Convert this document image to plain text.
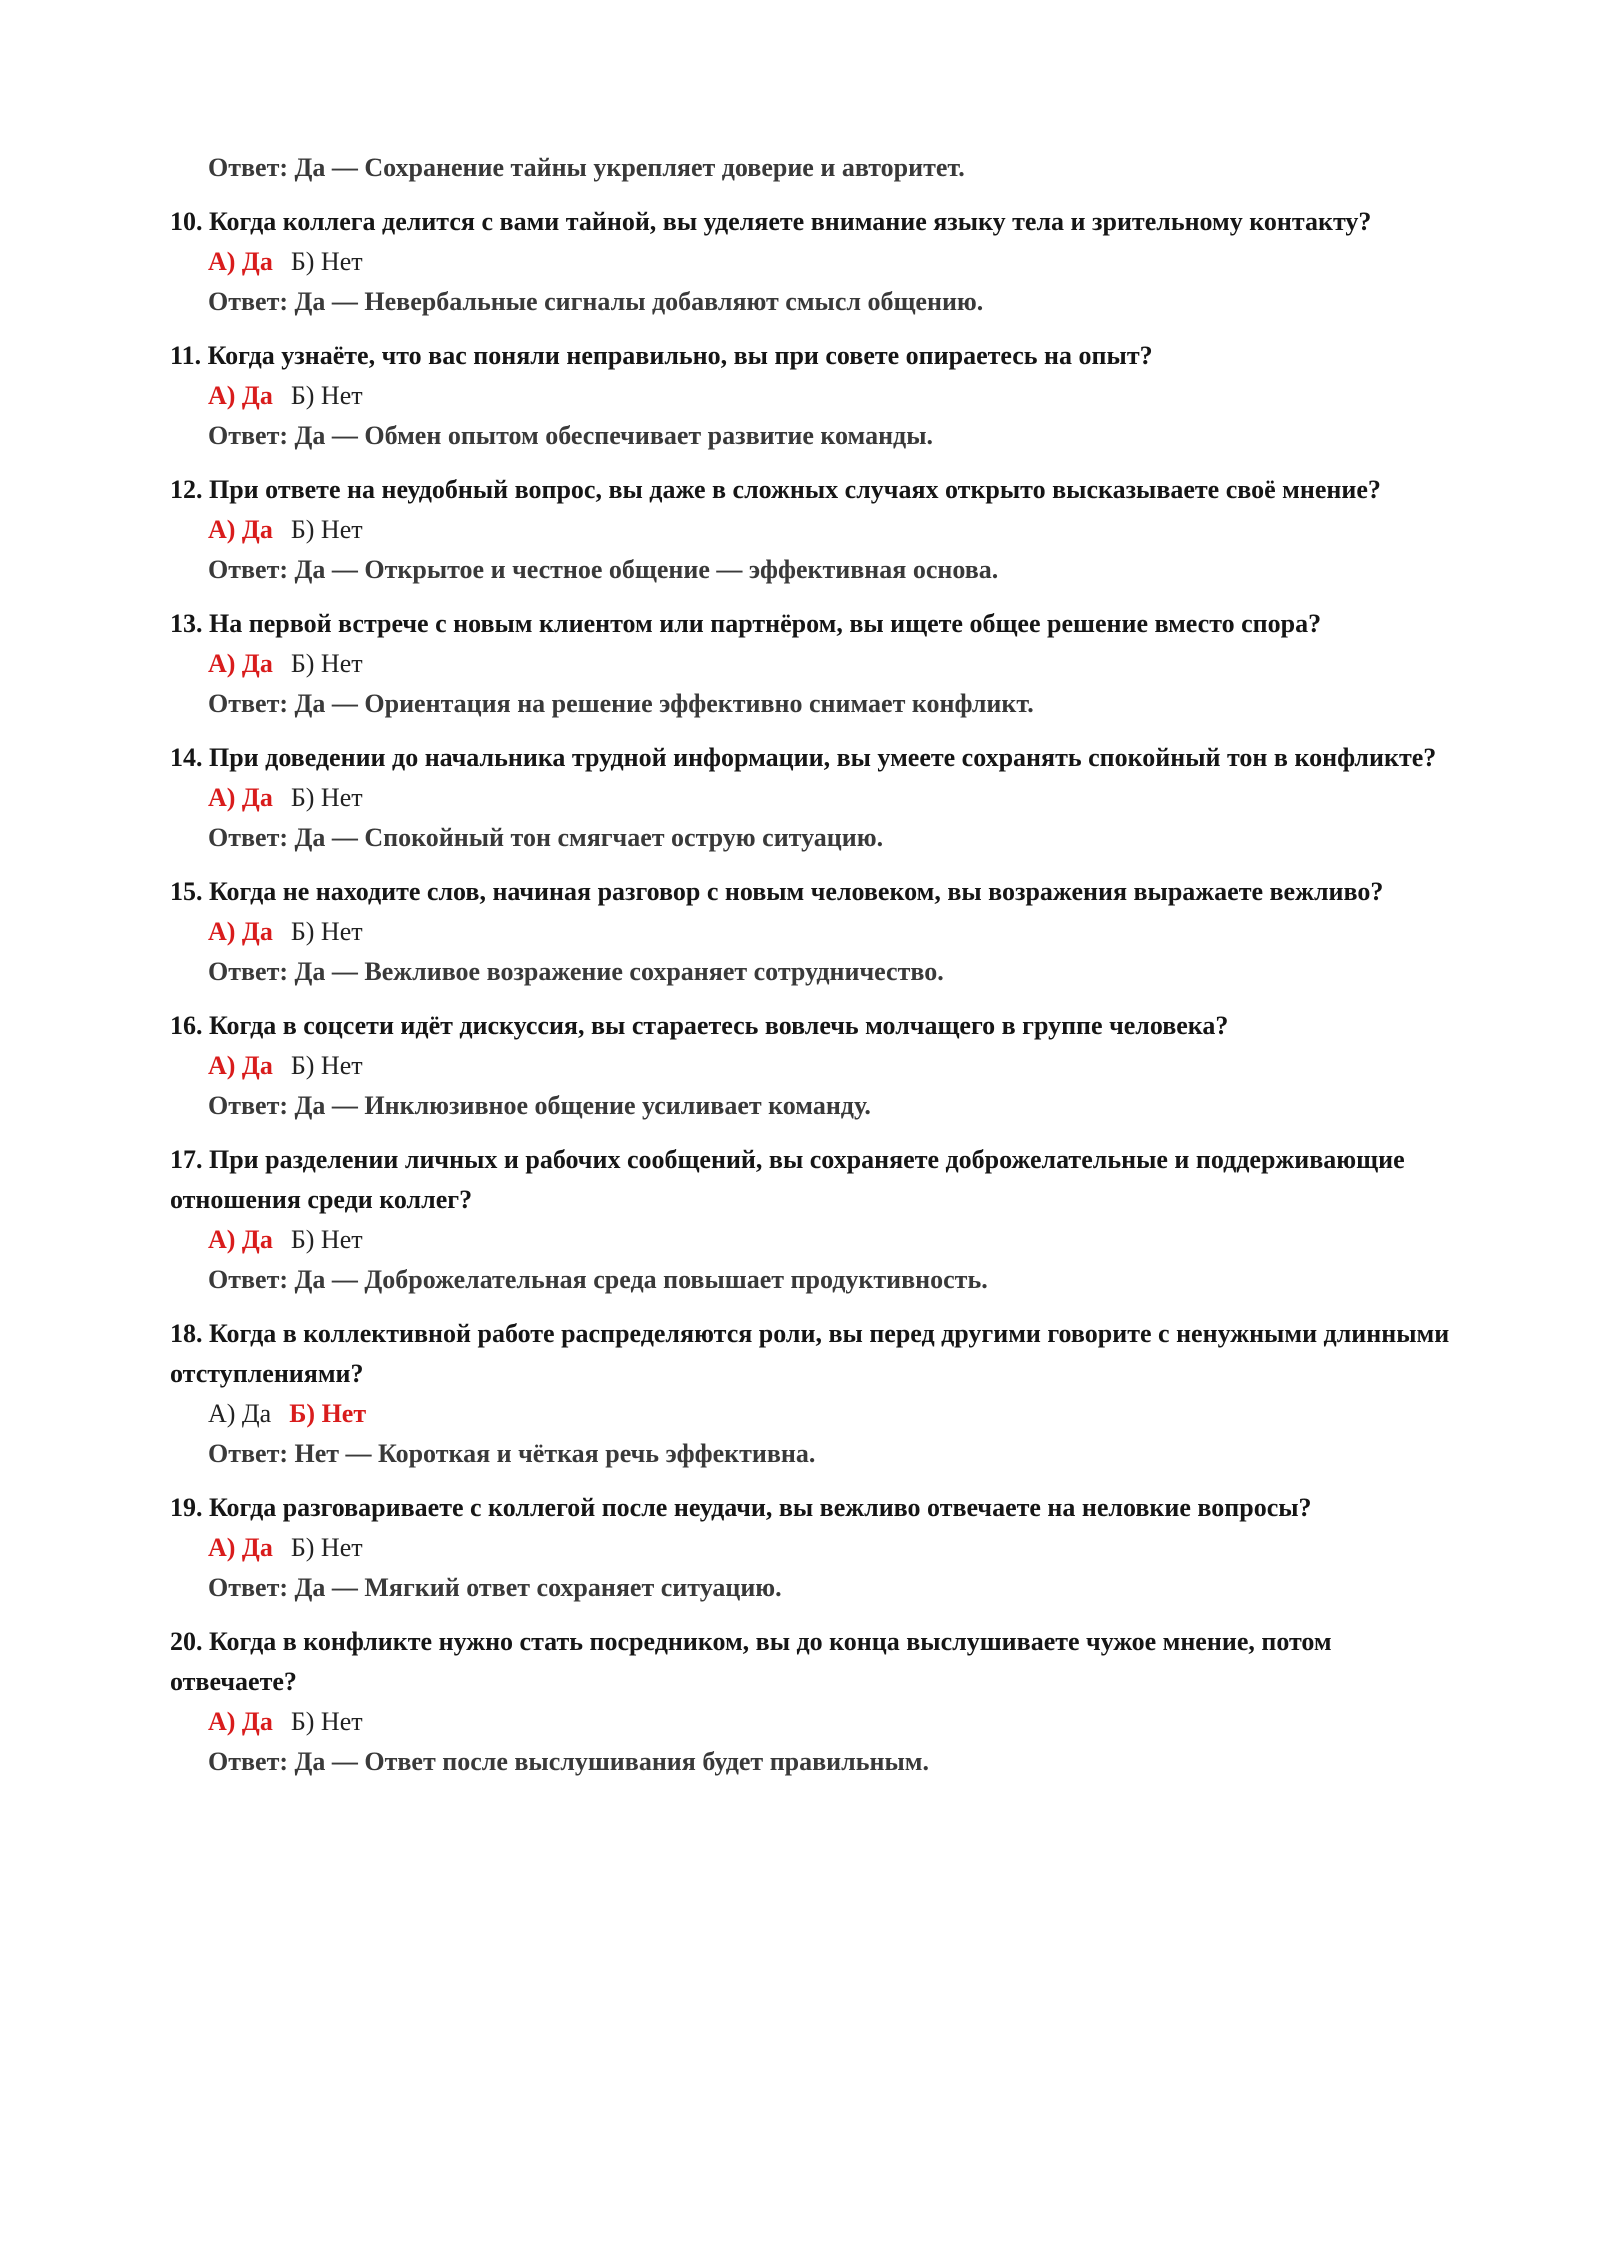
Ответ: Да — Сохранение тайны укрепляет доверие и авторитет.
10. Когда коллега делится с вами тайной, вы уделяете внимание языку тела и зрительному контакту?
А) Да Б) Нет
Ответ: Да — Невербальные сигналы добавляют смысл общению.
11. Когда узнаёте, что вас поняли неправильно, вы при совете опираетесь на опыт?
А) Да Б) Нет
Ответ: Да — Обмен опытом обеспечивает развитие команды.
12. При ответе на неудобный вопрос, вы даже в сложных случаях открыто высказываете своё мнение?
А) Да Б) Нет
Ответ: Да — Открытое и честное общение — эффективная основа.
13. На первой встрече с новым клиентом или партнёром, вы ищете общее решение вместо спора?
А) Да Б) Нет
Ответ: Да — Ориентация на решение эффективно снимает конфликт.
14. При доведении до начальника трудной информации, вы умеете сохранять спокойный тон в конфликте?
А) Да Б) Нет
Ответ: Да — Спокойный тон смягчает острую ситуацию.
15. Когда не находите слов, начиная разговор с новым человеком, вы возражения выражаете вежливо?
А) Да Б) Нет
Ответ: Да — Вежливое возражение сохраняет сотрудничество.
16. Когда в соцсети идёт дискуссия, вы стараетесь вовлечь молчащего в группе человека?
А) Да Б) Нет
Ответ: Да — Инклюзивное общение усиливает команду.
17. При разделении личных и рабочих сообщений, вы сохраняете доброжелательные и поддерживающие отношения среди коллег?
А) Да Б) Нет
Ответ: Да — Доброжелательная среда повышает продуктивность.
18. Когда в коллективной работе распределяются роли, вы перед другими говорите с ненужными длинными отступлениями?
А) Да Б) Нет
Ответ: Нет — Короткая и чёткая речь эффективна.
19. Когда разговариваете с коллегой после неудачи, вы вежливо отвечаете на неловкие вопросы?
А) Да Б) Нет
Ответ: Да — Мягкий ответ сохраняет ситуацию.
20. Когда в конфликте нужно стать посредником, вы до конца выслушиваете чужое мнение, потом отвечаете?
А) Да Б) Нет
Ответ: Да — Ответ после выслушивания будет правильным.
